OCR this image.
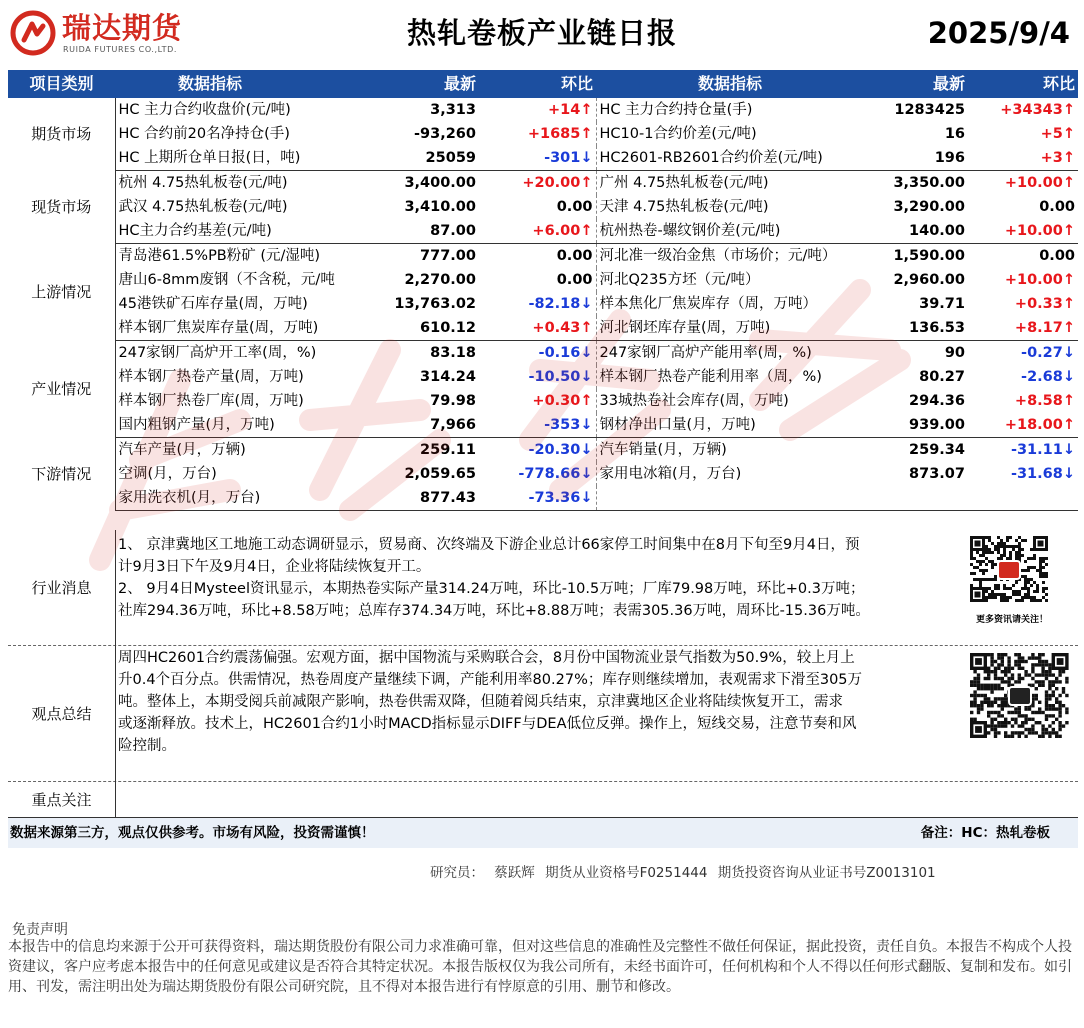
瑞达期货
RUIDA FUTURES CO.,LTD.	热轧卷板产业链日报	2025/9/4
项目类别	数据指标	最新	环比	数据指标	最新	环比
期货市场	HC 主力合约收盘价(元/吨)	3,313	+14↑	HC 主力合约持仓量(手)	1283425	+34343↑
	HC 合约前20名净持仓(手)	-93,260	+1685↑	HC10-1合约价差(元/吨)	16	+5↑
	HC 上期所仓单日报(日，吨)	25059	-301↓	HC2601-RB2601合约价差(元/吨)	196	+3↑
现货市场	杭州 4.75热轧板卷(元/吨)	3,400.00	+20.00↑	广州 4.75热轧板卷(元/吨)	3,350.00	+10.00↑
	武汉 4.75热轧板卷(元/吨)	3,410.00	0.00	天津 4.75热轧板卷(元/吨)	3,290.00	0.00
	HC主力合约基差(元/吨)	87.00	+6.00↑	杭州热卷-螺纹钢价差(元/吨)	140.00	+10.00↑
上游情况	青岛港61.5%PB粉矿 (元/湿吨)	777.00	0.00	河北准一级冶金焦（市场价；元/吨）	1,590.00	0.00
	唐山6-8mm废钢（不含税，元/吨	2,270.00	0.00	河北Q235方坯（元/吨）	2,960.00	+10.00↑
	45港铁矿石库存量(周，万吨)	13,763.02	-82.18↓	样本焦化厂焦炭库存（周，万吨）	39.71	+0.33↑
	样本钢厂焦炭库存量(周，万吨)	610.12	+0.43↑	河北钢坯库存量(周，万吨)	136.53	+8.17↑
产业情况	247家钢厂高炉开工率(周，%)	83.18	-0.16↓	247家钢厂高炉产能用率(周，%)	90	-0.27↓
	样本钢厂热卷产量(周，万吨)	314.24	-10.50↓	样本钢厂热卷产能利用率（周，%)	80.27	-2.68↓
	样本钢厂热卷厂库(周，万吨)	79.98	+0.30↑	33城热卷社会库存(周，万吨)	294.36	+8.58↑
	国内粗钢产量(月，万吨)	7,966	-353↓	钢材净出口量(月，万吨)	939.00	+18.00↑
下游情况	汽车产量(月，万辆)	259.11	-20.30↓	汽车销量(月，万辆)	259.34	-31.11↓
	空调(月，万台)	2,059.65	-778.66↓	家用电冰箱(月，万台)	873.07	-31.68↓
	家用洗衣机(月，万台)	877.43	-73.36↓			
行业消息
1、 京津冀地区工地施工动态调研显示，贸易商、次终端及下游企业总计66家停工时间集中在8月下旬至9月4日，预
计9月3日下午及9月4日，企业将陆续恢复开工。
2、 9月4日Mysteel资讯显示，本期热卷实际产量314.24万吨，环比-10.5万吨；厂库79.98万吨，环比+0.3万吨；
社库294.36万吨，环比+8.58万吨；总库存374.34万吨，环比+8.88万吨；表需305.36万吨，周环比-15.36万吨。
更多资讯请关注！
观点总结
周四HC2601合约震荡偏强。宏观方面，据中国物流与采购联合会，8月份中国物流业景气指数为50.9%，较上月上
升0.4个百分点。供需情况，热卷周度产量继续下调，产能利用率80.27%；库存则继续增加，表观需求下滑至305万
吨。整体上，本期受阅兵前减限产影响，热卷供需双降，但随着阅兵结束，京津冀地区企业将陆续恢复开工，需求
或逐渐释放。技术上，HC2601合约1小时MACD指标显示DIFF与DEA低位反弹。操作上，短线交易，注意节奏和风
险控制。
重点关注
数据来源第三方，观点仅供参考。市场有风险，投资需谨慎！	备注：HC：热轧卷板
研究员： 蔡跃辉 期货从业资格号F0251444 期货投资咨询从业证书号Z0013101
免责声明
本报告中的信息均来源于公开可获得资料，瑞达期货股份有限公司力求准确可靠，但对这些信息的准确性及完整性不做任何保证，据此投资，责任自负。本报告不构成个人投资建议，客户应考虑本报告中的任何意见或建议是否符合其特定状况。本报告版权仅为我公司所有，未经书面许可，任何机构和个人不得以任何形式翻版、复制和发布。如引用、刊发，需注明出处为瑞达期货股份有限公司研究院，且不得对本报告进行有悖原意的引用、删节和修改。
